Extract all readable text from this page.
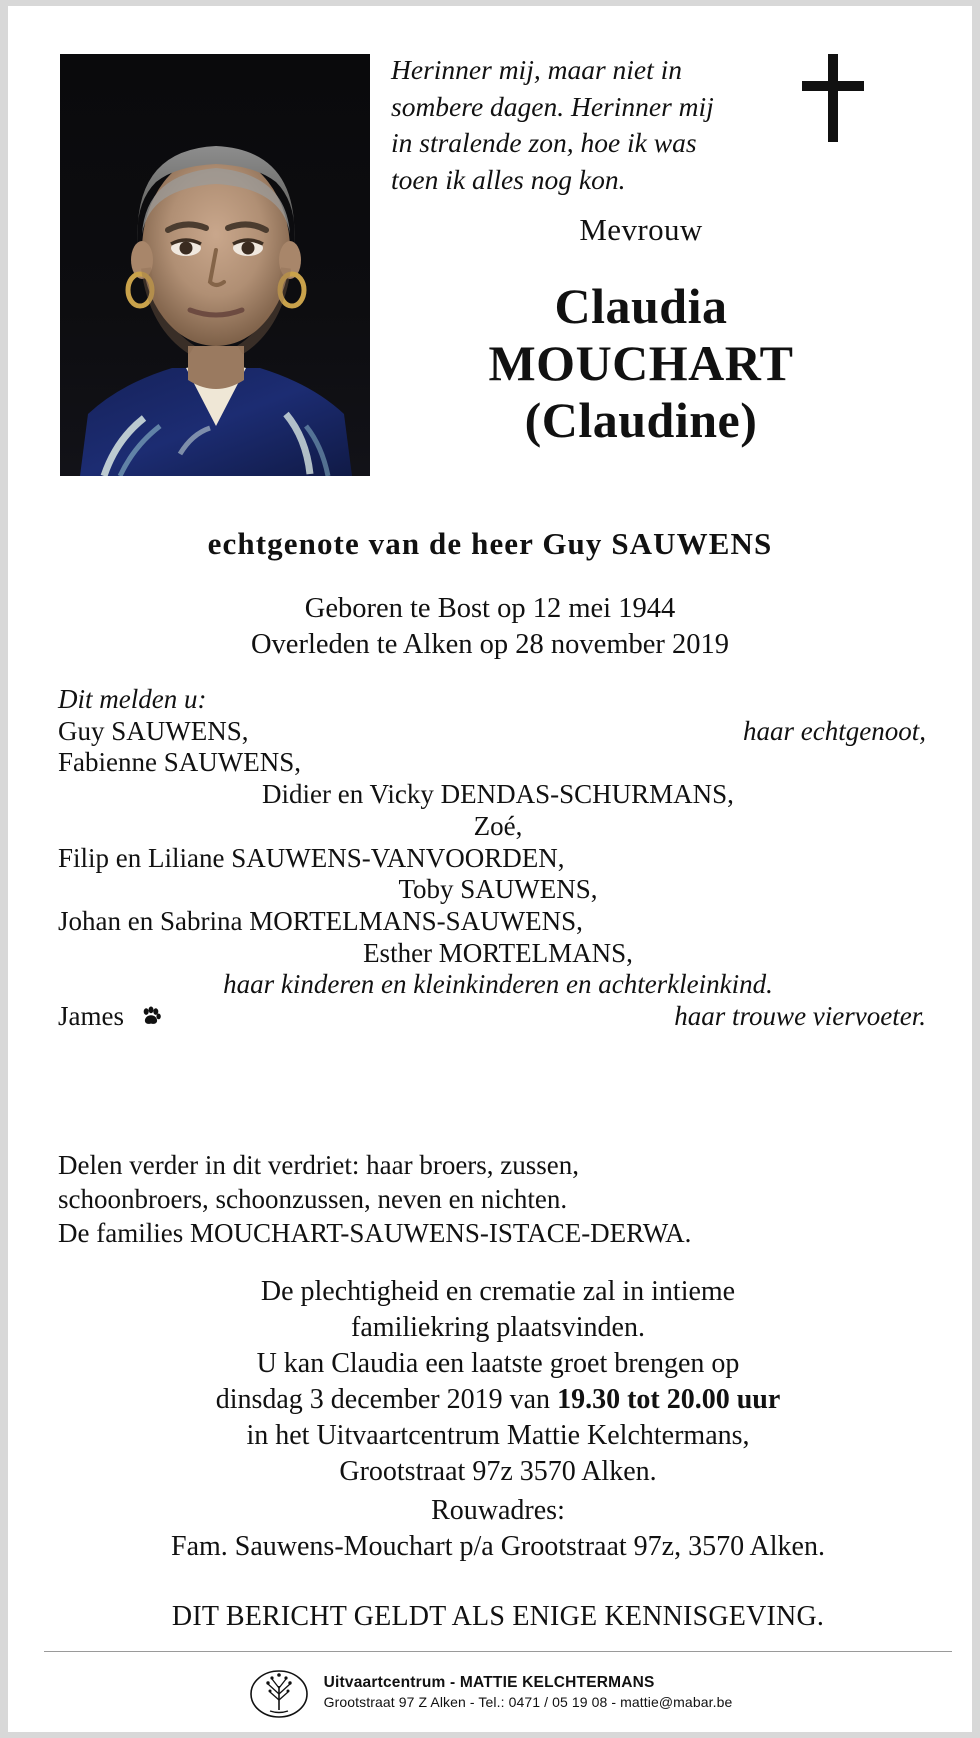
Herinner mij, maar niet in
sombere dagen. Herinner mij
in stralende zon, hoe ik was
toen ik alles nog kon.
Mevrouw
Claudia
MOUCHART
(Claudine)
echtgenote van de heer Guy SAUWENS
Geboren te Bost op 12 mei 1944
Overleden te Alken op 28 november 2019
Dit melden u:
Guy SAUWENS,	haar echtgenoot,
Fabienne SAUWENS,
Didier en Vicky DENDAS-SCHURMANS,
Zoé,
Filip en Liliane SAUWENS-VANVOORDEN,
Toby SAUWENS,
Johan en Sabrina MORTELMANS-SAUWENS,
Esther MORTELMANS,
haar kinderen en kleinkinderen en achterkleinkind.
James	haar trouwe viervoeter.
Delen verder in dit verdriet: haar broers, zussen,
schoonbroers, schoonzussen, neven en nichten.
De families MOUCHART-SAUWENS-ISTACE-DERWA.
De plechtigheid en crematie zal in intieme
familiekring plaatsvinden.
U kan Claudia een laatste groet brengen op
dinsdag 3 december 2019 van 19.30 tot 20.00 uur
in het Uitvaartcentrum Mattie Kelchtermans,
Grootstraat 97z 3570 Alken.
Rouwadres:
Fam. Sauwens-Mouchart p/a Grootstraat 97z, 3570 Alken.
DIT BERICHT GELDT ALS ENIGE KENNISGEVING.
Uitvaartcentrum - MATTIE KELCHTERMANS
Grootstraat 97 Z Alken - Tel.: 0471 / 05 19 08 - mattie@mabar.be
